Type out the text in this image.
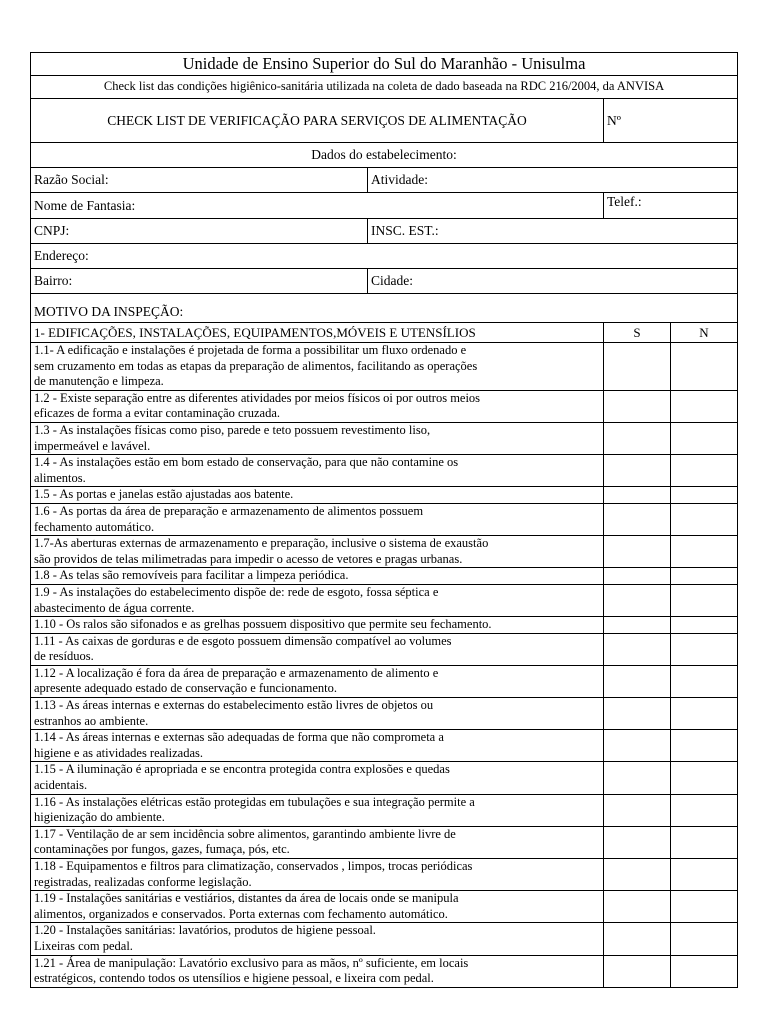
Unidade de Ensino Superior do Sul do Maranhão - Unisulma			
Check list das condições higiênico-sanitária utilizada na coleta de dado baseada na RDC 216/2004, da ANVISA			
CHECK LIST DE VERIFICAÇÃO PARA SERVIÇOS DE ALIMENTAÇÃO		Nº	
Dados do estabelecimento:			
Razão Social:	Atividade:		
Nome de Fantasia:		Telef.:	
CNPJ:	INSC. EST.:		
Endereço:			
Bairro:	Cidade:		
MOTIVO DA INSPEÇÃO:			
1- EDIFICAÇÕES, INSTALAÇÕES, EQUIPAMENTOS,MÓVEIS E UTENSÍLIOS		S	N
1.1- A edificação e instalações é projetada de forma a possibilitar um fluxo ordenado e
sem cruzamento em todas as etapas da preparação de alimentos, facilitando as operações
de manutenção e limpeza.			
1.2 - Existe separação entre as diferentes atividades por meios físicos oi por outros meios
eficazes de forma a evitar contaminação cruzada.			
1.3 - As instalações físicas como piso, parede e teto possuem revestimento liso,
impermeável e lavável.			
1.4 - As instalações estão em bom estado de conservação, para que não contamine os
alimentos.			
1.5 - As portas e janelas estão ajustadas aos batente.			
1.6 - As portas da área de preparação e armazenamento de alimentos possuem
fechamento automático.			
1.7-As aberturas externas de armazenamento e preparação, inclusive o sistema de exaustão
são providos de telas milimetradas para impedir o acesso de vetores e pragas urbanas.			
1.8 - As telas são removíveis para facilitar a limpeza periódica.			
1.9 - As instalações do estabelecimento dispõe de: rede de esgoto, fossa séptica e
abastecimento de água corrente.			
1.10 - Os ralos são sifonados e as grelhas possuem dispositivo que permite seu fechamento.			
1.11 - As caixas de gorduras e de esgoto possuem dimensão compatível ao volumes
de resíduos.			
1.12 - A localização é fora da área de preparação e armazenamento de alimento e
apresente adequado estado de conservação e funcionamento.			
1.13 - As áreas internas e externas do estabelecimento estão livres de objetos ou
estranhos ao ambiente.			
1.14 - As áreas internas e externas são adequadas de forma que não comprometa a
higiene e as atividades realizadas.			
1.15 - A iluminação é apropriada e se encontra protegida contra explosões e quedas
acidentais.			
1.16 - As instalações elétricas estão protegidas em tubulações e sua integração permite a
higienização do ambiente.			
1.17 - Ventilação de ar sem incidência sobre alimentos, garantindo ambiente livre de
contaminações por fungos, gazes, fumaça, pós, etc.			
1.18 - Equipamentos e filtros para climatização, conservados , limpos, trocas periódicas
registradas, realizadas conforme legislação.			
1.19 - Instalações sanitárias e vestiários, distantes da área de locais onde se manipula
alimentos, organizados e conservados. Porta externas com fechamento automático.			
1.20 - Instalações sanitárias: lavatórios, produtos de higiene pessoal.
Lixeiras com pedal.			
1.21 - Área de manipulação: Lavatório exclusivo para as mãos, nº suficiente, em locais
estratégicos, contendo todos os utensílios e higiene pessoal, e lixeira com pedal.			
